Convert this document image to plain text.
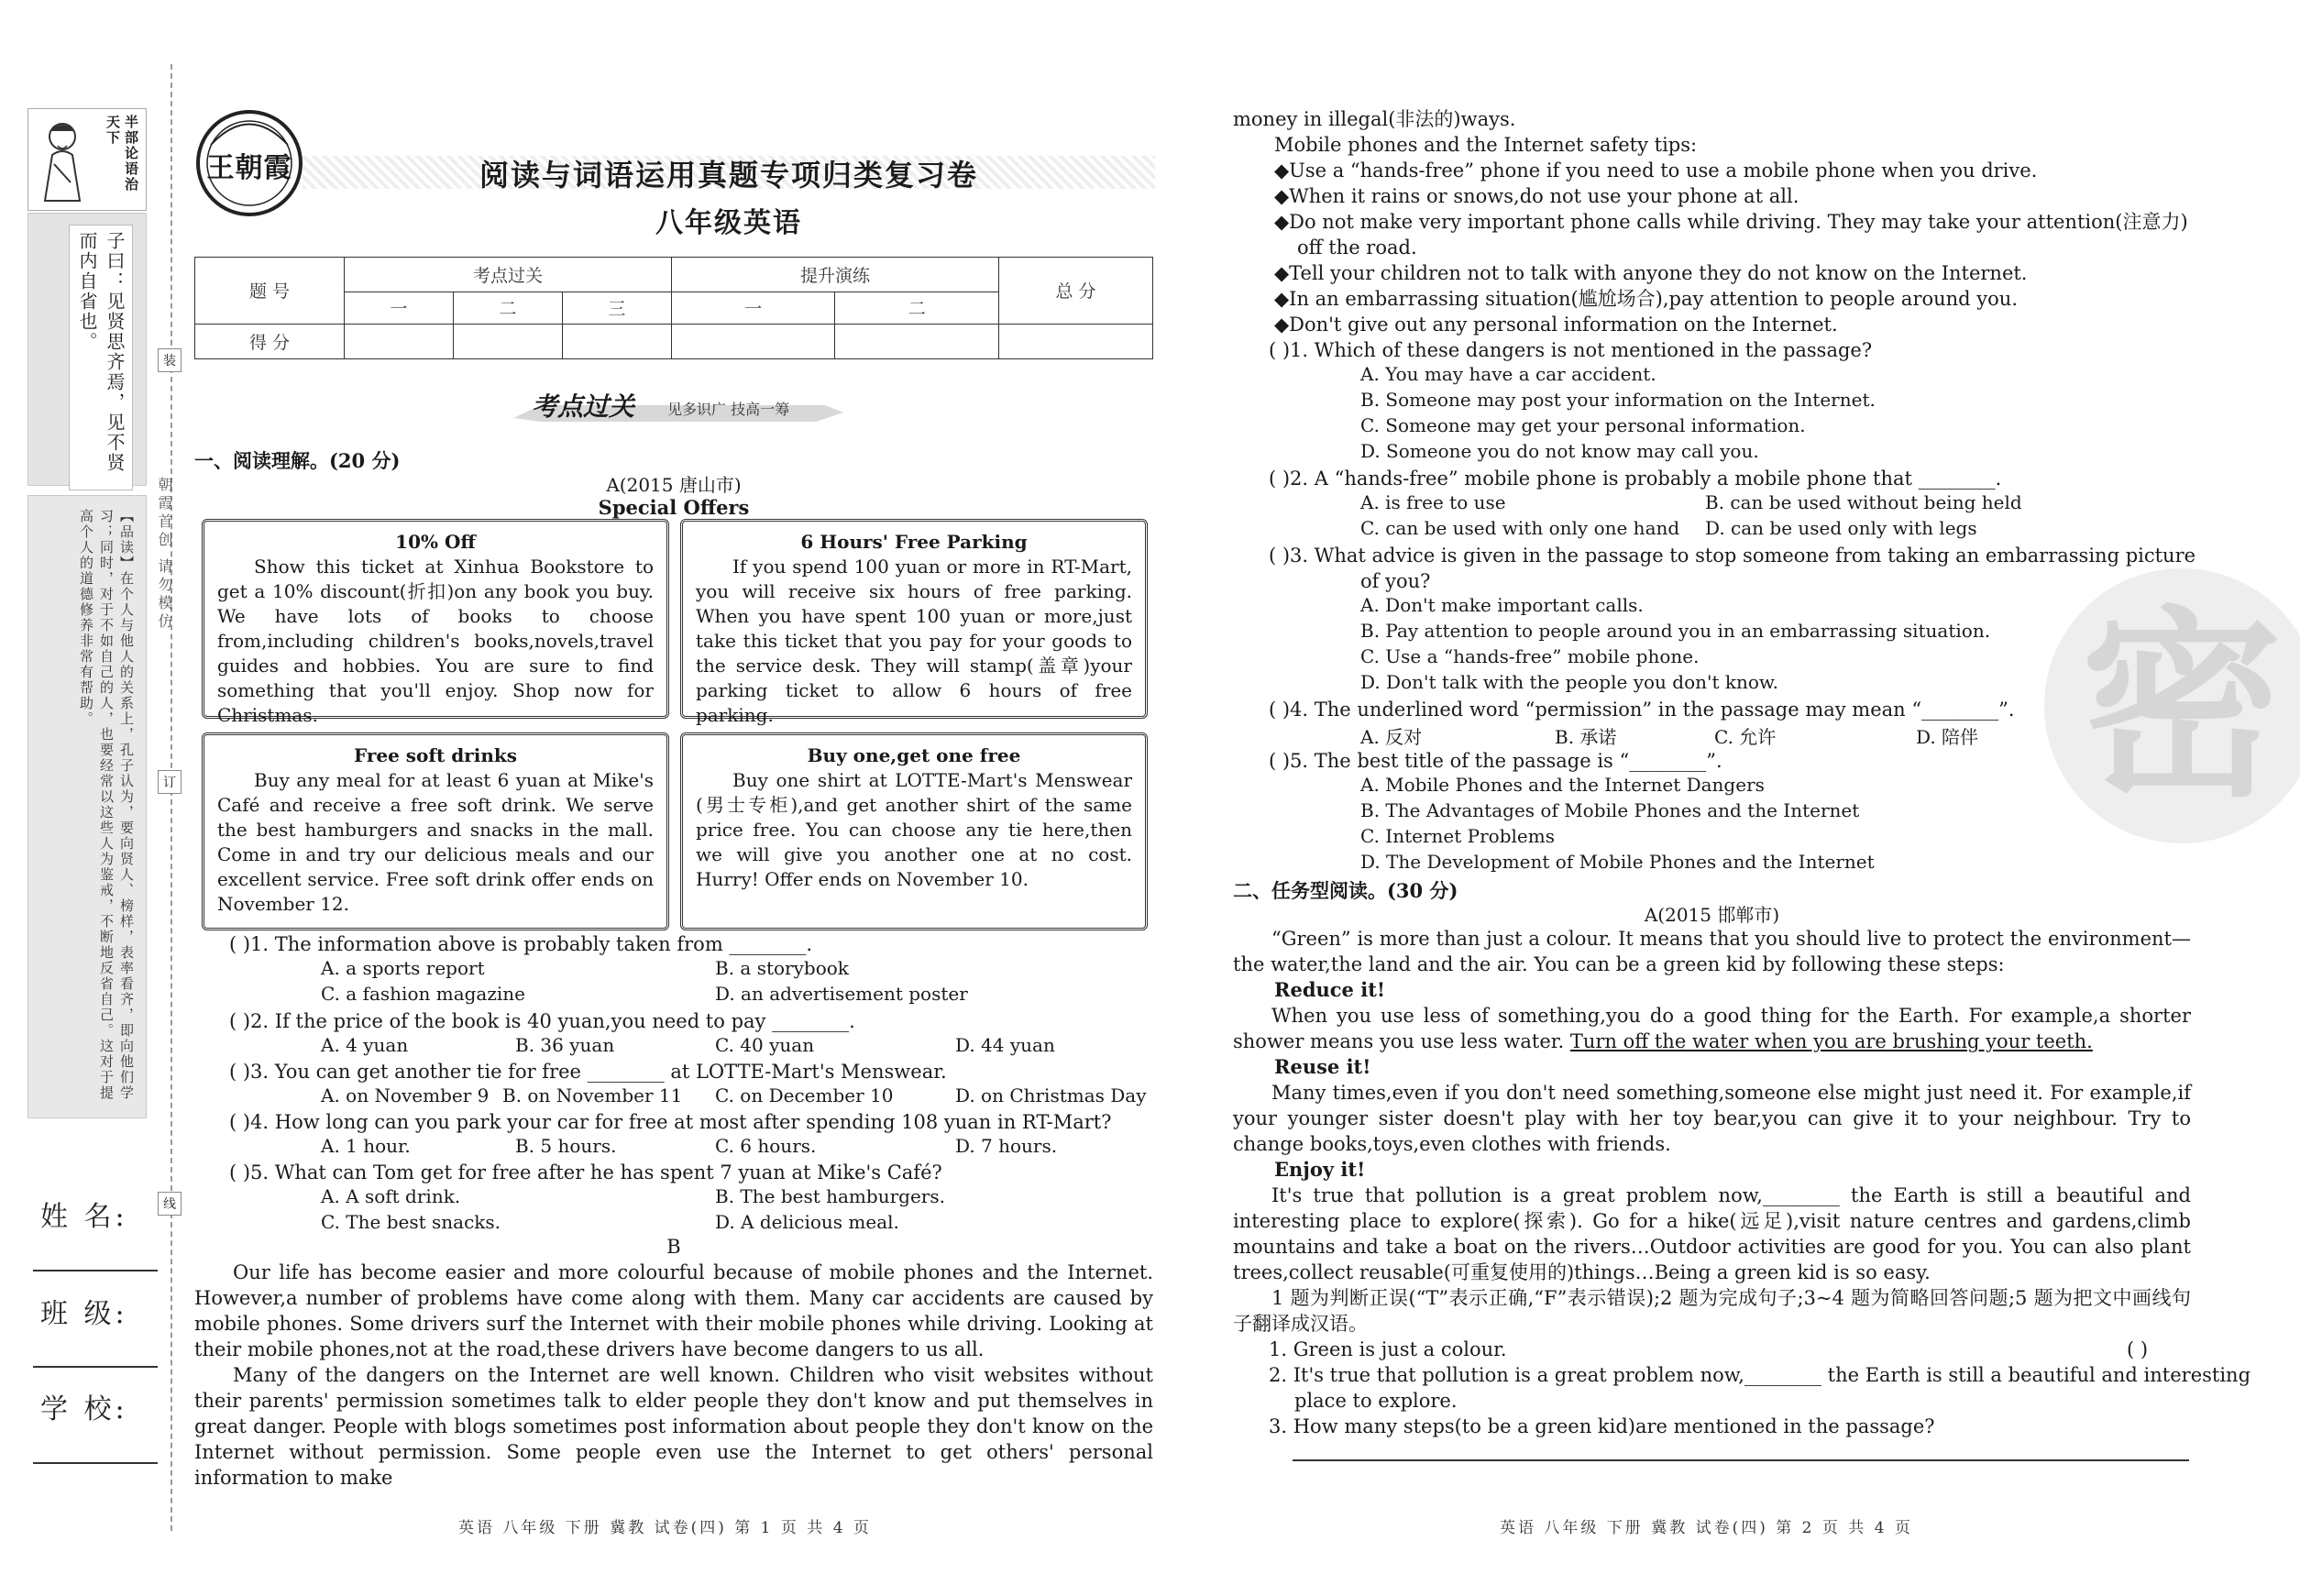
半部论语治天下
子曰：见贤思齐焉，见不贤而内自省也。
【品读】在个人与他人的关系上，孔子认为，要向贤人、榜样，表率看齐，即向他们学习；同时，对于不如自己的人，也要经常以这些人为鉴戒，不断地反省自己。这对于提高个人的道德修养非常有帮助。
装
订
线
朝霞首创 请勿模仿
姓 名:
班 级:
学 校:
王朝霞	阅读与词语运用真题专项归类复习卷
八年级英语
题 号	考点过关			提升演练		总 分
	一	二	三	一	二	
得 分						
考点过关 见多识广 技高一筹
一、阅读理解。(20 分)
A(2015 唐山市)
Special Offers
10% Off
Show this ticket at Xinhua Bookstore to get a 10% discount(折扣)on any book you buy. We have lots of books to choose from,including children's books,novels,travel guides and hobbies. You are sure to find something that you'll enjoy. Shop now for Christmas.
6 Hours' Free Parking
If you spend 100 yuan or more in RT-Mart, you will receive six hours of free parking. When you have spent 100 yuan or more,just take this ticket that you pay for your goods to the service desk. They will stamp(盖章)your parking ticket to allow 6 hours of free parking.
Free soft drinks
Buy any meal for at least 6 yuan at Mike's Café and receive a free soft drink. We serve the best hamburgers and snacks in the mall. Come in and try our delicious meals and our excellent service. Free soft drink offer ends on November 12.
Buy one,get one free
Buy one shirt at LOTTE-Mart's Menswear (男士专柜),and get another shirt of the same price free. You can choose any tie here,then we will give you another one at no cost. Hurry! Offer ends on November 10.
( )1. The information above is probably taken from ________.
A. a sports report	B. a storybook
C. a fashion magazine	D. an advertisement poster
( )2. If the price of the book is 40 yuan,you need to pay ________.
A. 4 yuan	B. 36 yuan	C. 40 yuan	D. 44 yuan
( )3. You can get another tie for free ________ at LOTTE-Mart's Menswear.
A. on November 9 B. on November 11 C. on December 10	D. on Christmas Day
( )4. How long can you park your car for free at most after spending 108 yuan in RT-Mart?
A. 1 hour.	B. 5 hours.	C. 6 hours.	D. 7 hours.
( )5. What can Tom get for free after he has spent 7 yuan at Mike's Café?
A. A soft drink.	B. The best hamburgers.
C. The best snacks.	D. A delicious meal.
B
Our life has become easier and more colourful because of mobile phones and the Internet. However,a number of problems have come along with them. Many car accidents are caused by mobile phones. Some drivers surf the Internet with their mobile phones while driving. Looking at their mobile phones,not at the road,these drivers have become dangers to us all.
Many of the dangers on the Internet are well known. Children who visit websites without their parents' permission sometimes talk to elder people they don't know and put themselves in great danger. People with blogs sometimes post information about people they don't know on the Internet without permission. Some people even use the Internet to get others' personal information to make
英语 八年级 下册 冀教 试卷(四) 第 1 页 共 4 页
密
money in illegal(非法的)ways.
Mobile phones and the Internet safety tips:
◆Use a “hands-free” phone if you need to use a mobile phone when you drive.
◆When it rains or snows,do not use your phone at all.
◆Do not make very important phone calls while driving. They may take your attention(注意力)
off the road.
◆Tell your children not to talk with anyone they do not know on the Internet.
◆In an embarrassing situation(尴尬场合),pay attention to people around you.
◆Don't give out any personal information on the Internet.
( )1. Which of these dangers is not mentioned in the passage?
A. You may have a car accident.
B. Someone may post your information on the Internet.
C. Someone may get your personal information.
D. Someone you do not know may call you.
( )2. A “hands-free” mobile phone is probably a mobile phone that ________.
A. is free to use	B. can be used without being held
C. can be used with only one hand D. can be used only with legs
( )3. What advice is given in the passage to stop someone from taking an embarrassing picture
of you?
A. Don't make important calls.
B. Pay attention to people around you in an embarrassing situation.
C. Use a “hands-free” mobile phone.
D. Don't talk with the people you don't know.
( )4. The underlined word “permission” in the passage may mean “________”.
A. 反对	B. 承诺	C. 允许	D. 陪伴
( )5. The best title of the passage is “________”.
A. Mobile Phones and the Internet Dangers
B. The Advantages of Mobile Phones and the Internet
C. Internet Problems
D. The Development of Mobile Phones and the Internet
二、任务型阅读。(30 分)
A(2015 邯郸市)
“Green” is more than just a colour. It means that you should live to protect the environment—the water,the land and the air. You can be a green kid by following these steps:
Reduce it!
When you use less of something,you do a good thing for the Earth. For example,a shorter shower means you use less water. Turn off the water when you are brushing your teeth.
Reuse it!
Many times,even if you don't need something,someone else might just need it. For example,if your younger sister doesn't play with her toy bear,you can give it to your neighbour. Try to change books,toys,even clothes with friends.
Enjoy it!
It's true that pollution is a great problem now,________ the Earth is still a beautiful and interesting place to explore(探索). Go for a hike(远足),visit nature centres and gardens,climb mountains and take a boat on the rivers…Outdoor activities are good for you. You can also plant trees,collect reusable(可重复使用的)things…Being a green kid is so easy.
1 题为判断正误(“T”表示正确,“F”表示错误);2 题为完成句子;3~4 题为简略回答问题;5 题为把文中画线句子翻译成汉语。
1. Green is just a colour.	( )
2. It's true that pollution is a great problem now,________ the Earth is still a beautiful and interesting
place to explore.
3. How many steps(to be a green kid)are mentioned in the passage?
英语 八年级 下册 冀教 试卷(四) 第 2 页 共 4 页
